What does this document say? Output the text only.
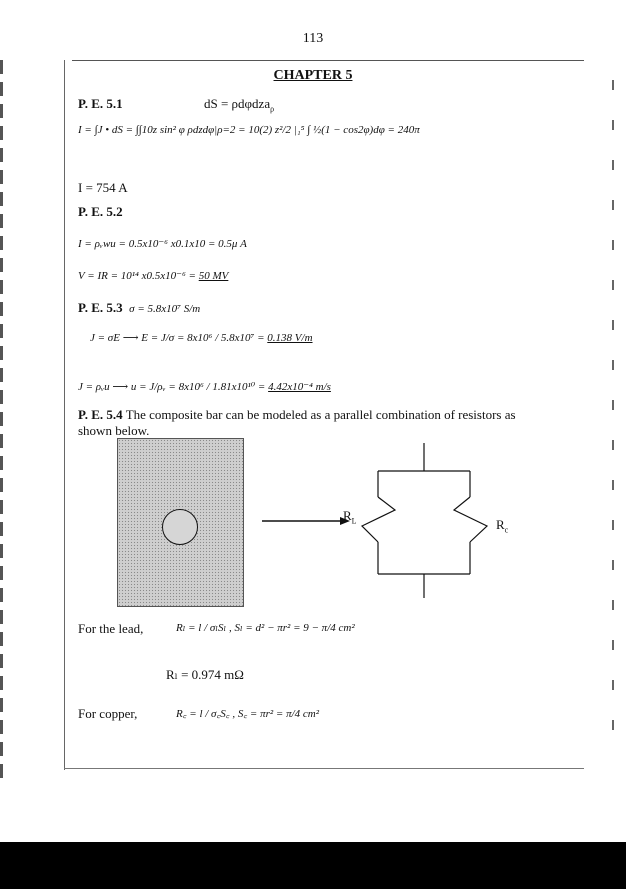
113
CHAPTER 5
P. E. 5.1	dS = ρdφdza$_\rho$
I = ∫J • dS = ∫∫10z sin² φ ρdzdφ|ρ=2 = 10(2) z²/2 |₁⁵ ∫ ½(1 − cos2φ)dφ = 240π
I = 754 A
P. E. 5.2
I = ρᵥwu = 0.5x10⁻⁶ x0.1x10 = 0.5μ A
V = IR = 10¹⁴ x0.5x10⁻⁶ = 50 MV
P. E. 5.3 σ = 5.8x10⁷ S/m
J = σE ⟶ E = J/σ = 8x10⁶ / 5.8x10⁷ = 0.138 V/m
J = ρᵥu ⟶ u = J/ρᵥ = 8x10⁶ / 1.81x10¹⁰ = 4.42x10⁻⁴ m/s
P. E. 5.4 The composite bar can be modeled as a parallel combination of resistors as
shown below.
$R_L$	$R_c$
For the lead,	Rₗ = l / σₗSₗ , Sₗ = d² − πr² = 9 − π/4 cm²
Rₗ = 0.974 mΩ
For copper,	R꜀ = l / σ꜀S꜀ , S꜀ = πr² = π/4 cm²
